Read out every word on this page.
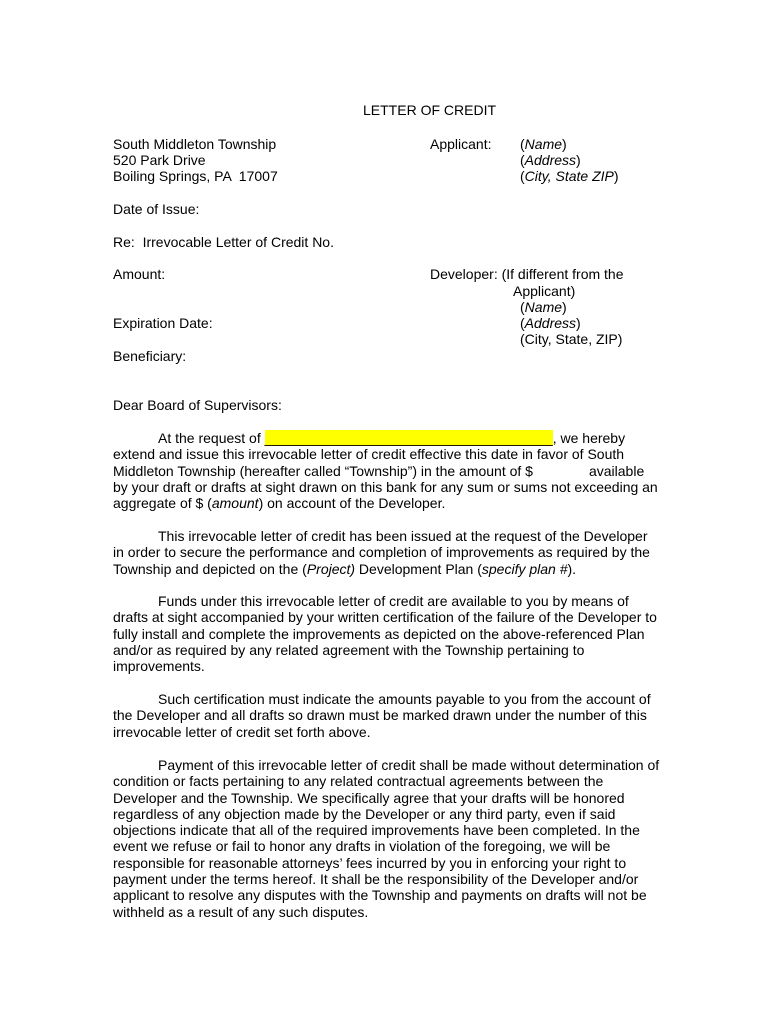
LETTER OF CREDIT
South Middleton Township
520 Park Drive
Boiling Springs, PA  17007
Applicant: (Name)
(Address)
(City, State ZIP)
Date of Issue:
Re:  Irrevocable Letter of Credit No.
Amount:	Developer: (If different from the
Applicant)
(Name)
Expiration Date:	(Address)
(City, State, ZIP)
Beneficiary:
Dear Board of Supervisors:

At the request of _____________________________________, we hereby

extend and issue this irrevocable letter of credit effective this date in favor of South

Middleton Township (hereafter called “Township”) in the amount of $	available

by your draft or drafts at sight drawn on this bank for any sum or sums not exceeding an

aggregate of $ (amount) on account of the Developer.

This irrevocable letter of credit has been issued at the request of the Developer

in order to secure the performance and completion of improvements as required by the

Township and depicted on the (Project) Development Plan (specify plan #).

Funds under this irrevocable letter of credit are available to you by means of

drafts at sight accompanied by your written certification of the failure of the Developer to

fully install and complete the improvements as depicted on the above-referenced Plan

and/or as required by any related agreement with the Township pertaining to

improvements.

Such certification must indicate the amounts payable to you from the account of

the Developer and all drafts so drawn must be marked drawn under the number of this

irrevocable letter of credit set forth above.

Payment of this irrevocable letter of credit shall be made without determination of

condition or facts pertaining to any related contractual agreements between the

Developer and the Township. We specifically agree that your drafts will be honored

regardless of any objection made by the Developer or any third party, even if said

objections indicate that all of the required improvements have been completed. In the

event we refuse or fail to honor any drafts in violation of the foregoing, we will be

responsible for reasonable attorneys’ fees incurred by you in enforcing your right to

payment under the terms hereof. It shall be the responsibility of the Developer and/or

applicant to resolve any disputes with the Township and payments on drafts will not be

withheld as a result of any such disputes.
